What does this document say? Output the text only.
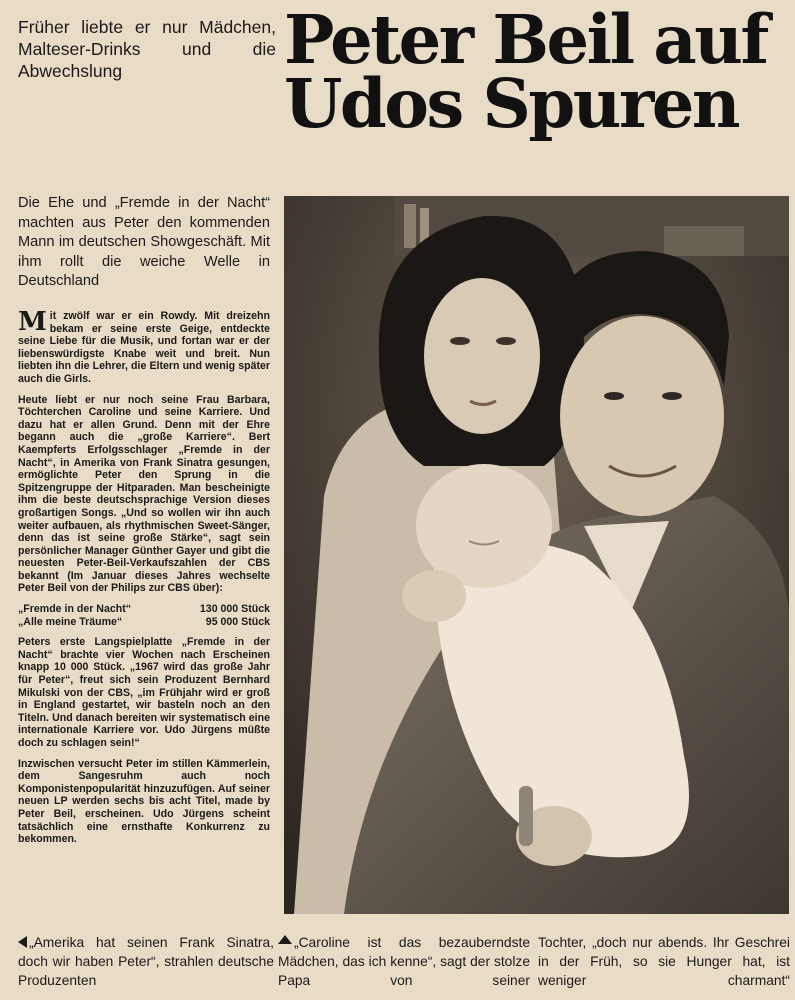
Früher liebte er nur Mädchen, Malteser-Drinks und die Abwechslung	Peter Beil auf
Udos Spuren
Die Ehe und „Fremde in der Nacht“ machten aus Peter den kommenden Mann im deutschen Showgeschäft. Mit ihm rollt die weiche Welle in Deutschland

Mit zwölf war er ein Rowdy. Mit dreizehn bekam er seine erste Geige, entdeckte seine Liebe für die Musik, und fortan war er der liebenswürdigste Knabe weit und breit. Nun liebten ihn die Lehrer, die Eltern und wenig später auch die Girls.

Heute liebt er nur noch seine Frau Barbara, Töchterchen Caroline und seine Karriere. Und dazu hat er allen Grund. Denn mit der Ehre begann auch die „große Karriere“. Bert Kaempferts Erfolgsschlager „Fremde in der Nacht“, in Amerika von Frank Sinatra gesungen, ermöglichte Peter den Sprung in die Spitzengruppe der Hitparaden. Man bescheinigte ihm die beste deutschsprachige Version dieses großartigen Songs. „Und so wollen wir ihn auch weiter aufbauen, als rhythmischen Sweet-Sänger, denn das ist seine große Stärke“, sagt sein persönlicher Manager Günther Gayer und gibt die neuesten Peter-Beil-Verkaufszahlen der CBS bekannt (Im Januar dieses Jahres wechselte Peter Beil von der Philips zur CBS über):

„Fremde in der Nacht“	130 000 Stück
„Alle meine Träume“	95 000 Stück

Peters erste Langspielplatte „Fremde in der Nacht“ brachte vier Wochen nach Erscheinen knapp 10 000 Stück. „1967 wird das große Jahr für Peter“, freut sich sein Produzent Bernhard Mikulski von der CBS, „im Frühjahr wird er groß in England gestartet, wir basteln noch an den Titeln. Und danach bereiten wir systematisch eine internationale Karriere vor. Udo Jürgens müßte doch zu schlagen sein!“

Inzwischen versucht Peter im stillen Kämmerlein, dem Sangesruhm auch noch Komponistenpopularität hinzuzufügen. Auf seiner neuen LP werden sechs bis acht Titel, made by Peter Beil, erscheinen. Udo Jürgens scheint tatsächlich eine ernsthafte Konkurrenz zu bekommen.

„Amerika hat seinen Frank Sinatra, doch wir haben Peter“, strahlen deutsche Produzenten
„Caroline ist das bezauberndste Mädchen, das ich kenne“, sagt der stolze Papa von seiner
Tochter, „doch nur abends. Ihr Geschrei in der Früh, so sie Hunger hat, ist weniger charmant“
